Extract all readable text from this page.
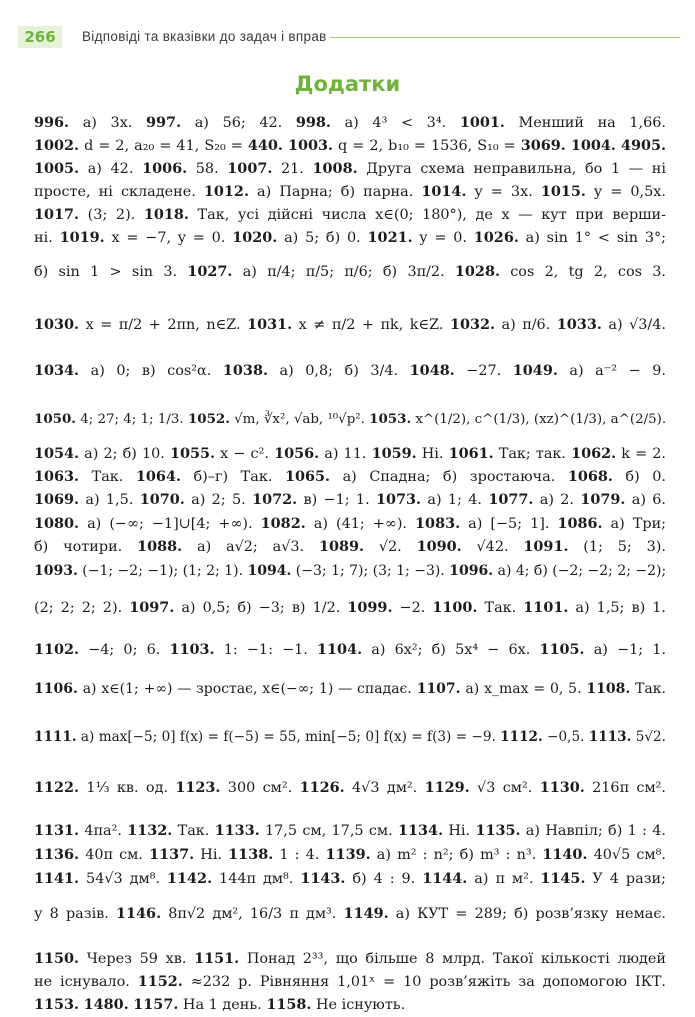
266	Відповіді та вказівки до задач і вправ
Додатки
996. а) 3x. 997. а) 56; 42. 998. а) 4³ < 3⁴. 1001. Менший на 1,66.
1002. d = 2, a₂₀ = 41, S₂₀ = 440. 1003. q = 2, b₁₀ = 1536, S₁₀ = 3069. 1004. 4905.
1005. а) 42. 1006. 58. 1007. 21. 1008. Друга схема неправильна, бо 1 — ні
просте, ні складене. 1012. а) Парна; б) парна. 1014. y = 3x. 1015. y = 0,5x.
1017. (3; 2). 1018. Так, усі дійсні числа x∈(0; 180°), де x — кут при верши-
ні. 1019. x = −7, y = 0. 1020. а) 5; б) 0. 1021. y = 0. 1026. а) sin 1° < sin 3°;
б) sin 1 > sin 3. 1027. а) π/4; π/5; π/6; б) 3π/2. 1028. cos 2, tg 2, cos 3.
1030. x = π/2 + 2πn, n∈Z. 1031. x ≠ π/2 + πk, k∈Z. 1032. а) π/6. 1033. а) √3/4.
1034. а) 0; в) cos²α. 1038. а) 0,8; б) 3/4. 1048. −27. 1049. а) a⁻² − 9.
1050. 4; 27; 4; 1; 1/3. 1052. √m, ∛x², √ab, ¹⁰√p². 1053. x^(1/2), c^(1/3), (xz)^(1/3), a^(2/5).
1054. а) 2; б) 10. 1055. x − c². 1056. а) 11. 1059. Ні. 1061. Так; так. 1062. k = 2.
1063. Так. 1064. б)–г) Так. 1065. а) Спадна; б) зростаюча. 1068. б) 0.
1069. а) 1,5. 1070. а) 2; 5. 1072. в) −1; 1. 1073. а) 1; 4. 1077. а) 2. 1079. а) 6.
1080. а) (−∞; −1]∪[4; +∞). 1082. а) (41; +∞). 1083. а) [−5; 1]. 1086. а) Три;
б) чотири. 1088. а) a√2; a√3. 1089. √2. 1090. √42. 1091. (1; 5; 3).
1093. (−1; −2; −1); (1; 2; 1). 1094. (−3; 1; 7); (3; 1; −3). 1096. а) 4; б) (−2; −2; 2; −2);
(2; 2; 2; 2). 1097. а) 0,5; б) −3; в) 1/2. 1099. −2. 1100. Так. 1101. а) 1,5; в) 1.
1102. −4; 0; 6. 1103. 1: −1: −1. 1104. а) 6x²; б) 5x⁴ − 6x. 1105. а) −1; 1.
1106. а) x∈(1; +∞) — зростає, x∈(−∞; 1) — спадає. 1107. а) x_max = 0, 5. 1108. Так.
1111. а) max[−5; 0] f(x) = f(−5) = 55, min[−5; 0] f(x) = f(3) = −9. 1112. −0,5. 1113. 5√2.
1122. 1⅓ кв. од. 1123. 300 см². 1126. 4√3 дм². 1129. √3 см². 1130. 216π см².
1131. 4πa². 1132. Так. 1133. 17,5 см, 17,5 см. 1134. Ні. 1135. а) Навпіл; б) 1 : 4.
1136. 40π см. 1137. Ні. 1138. 1 : 4. 1139. а) m² : n²; б) m³ : n³. 1140. 40√5 см⁸.
1141. 54√3 дм⁸. 1142. 144π дм⁸. 1143. б) 4 : 9. 1144. а) π м². 1145. У 4 рази;
у 8 разів. 1146. 8π√2 дм², 16/3 π дм³. 1149. а) КУТ = 289; б) розв’язку немає.
1150. Через 59 хв. 1151. Понад 2³³, що більше 8 млрд. Такої кількості людей
не існувало. 1152. ≈232 р. Рівняння 1,01ˣ = 10 розв’яжіть за допомогою ІКТ.
1153. 1480. 1157. На 1 день. 1158. Не існують.
